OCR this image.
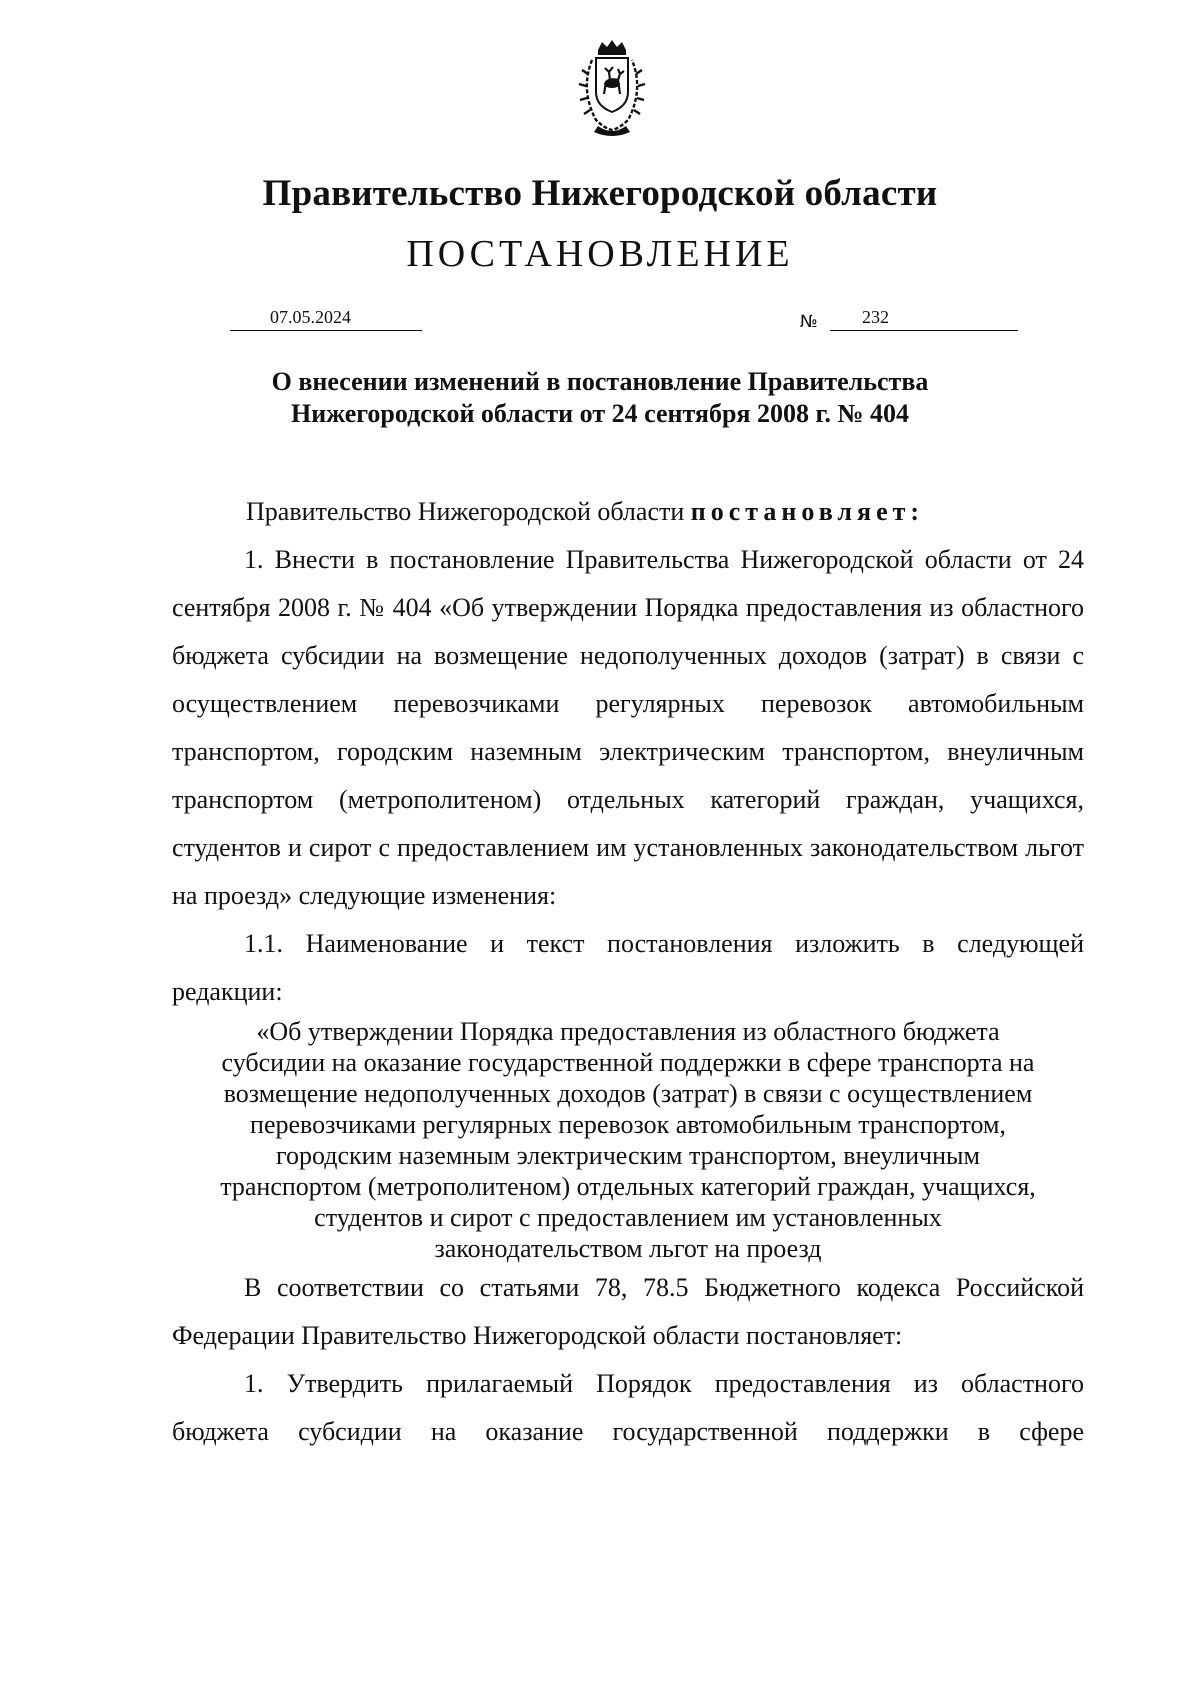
Правительство Нижегородской области
ПОСТАНОВЛЕНИЕ
07.05.2024	№ 232
О внесении изменений в постановление Правительства
Нижегородской области от 24 сентября 2008 г. № 404

Правительство Нижегородской области постановляет:

1. Внести в постановление Правительства Нижегородской области от 24 сентября 2008 г. № 404 «Об утверждении Порядка предоставления из областного бюджета субсидии на возмещение недополученных доходов (затрат) в связи с осуществлением перевозчиками регулярных перевозок автомобильным транспортом, городским наземным электрическим транспортом, внеуличным транспортом (метрополитеном) отдельных категорий граждан, учащихся, студентов и сирот с предоставлением им установленных законодательством льгот на проезд» следующие изменения:

1.1. Наименование и текст постановления изложить в следующей редакции:

«Об утверждении Порядка предоставления из областного бюджета
субсидии на оказание государственной поддержки в сфере транспорта на
возмещение недополученных доходов (затрат) в связи с осуществлением
перевозчиками регулярных перевозок автомобильным транспортом,
городским наземным электрическим транспортом, внеуличным
транспортом (метрополитеном) отдельных категорий граждан, учащихся,
студентов и сирот с предоставлением им установленных
законодательством льгот на проезд

В соответствии со статьями 78, 78.5 Бюджетного кодекса Российской Федерации Правительство Нижегородской области постановляет:

1. Утвердить прилагаемый Порядок предоставления из областного бюджета субсидии на оказание государственной поддержки в сфере
